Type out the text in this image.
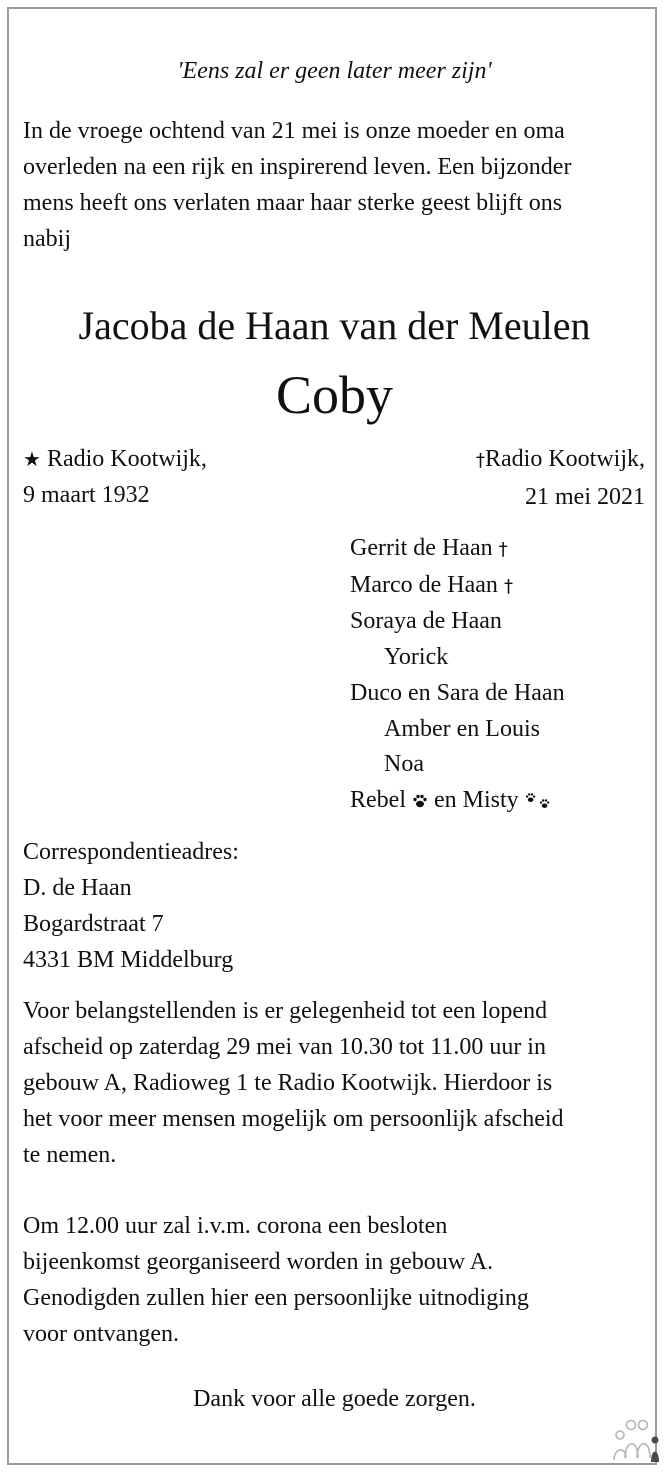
'Eens zal er geen later meer zijn'
In de vroege ochtend van 21 mei is onze moeder en oma
overleden na een rijk en inspirerend leven. Een bijzonder
mens heeft ons verlaten maar haar sterke geest blijft ons
nabij
Jacoba de Haan van der Meulen
Coby
★ Radio Kootwijk,
9 maart 1932
†Radio Kootwijk,
21 mei 2021
Gerrit de Haan †
Marco de Haan †
Soraya de Haan
Yorick
Duco en Sara de Haan
Amber en Louis
Noa
Rebel en Misty
Correspondentieadres:
D. de Haan
Bogardstraat 7
4331 BM Middelburg
Voor belangstellenden is er gelegenheid tot een lopend
afscheid op zaterdag 29 mei van 10.30 tot 11.00 uur in
gebouw A, Radioweg 1 te Radio Kootwijk. Hierdoor is
het voor meer mensen mogelijk om persoonlijk afscheid
te nemen.
Om 12.00 uur zal i.v.m. corona een besloten
bijeenkomst georganiseerd worden in gebouw A.
Genodigden zullen hier een persoonlijke uitnodiging
voor ontvangen.
Dank voor alle goede zorgen.
